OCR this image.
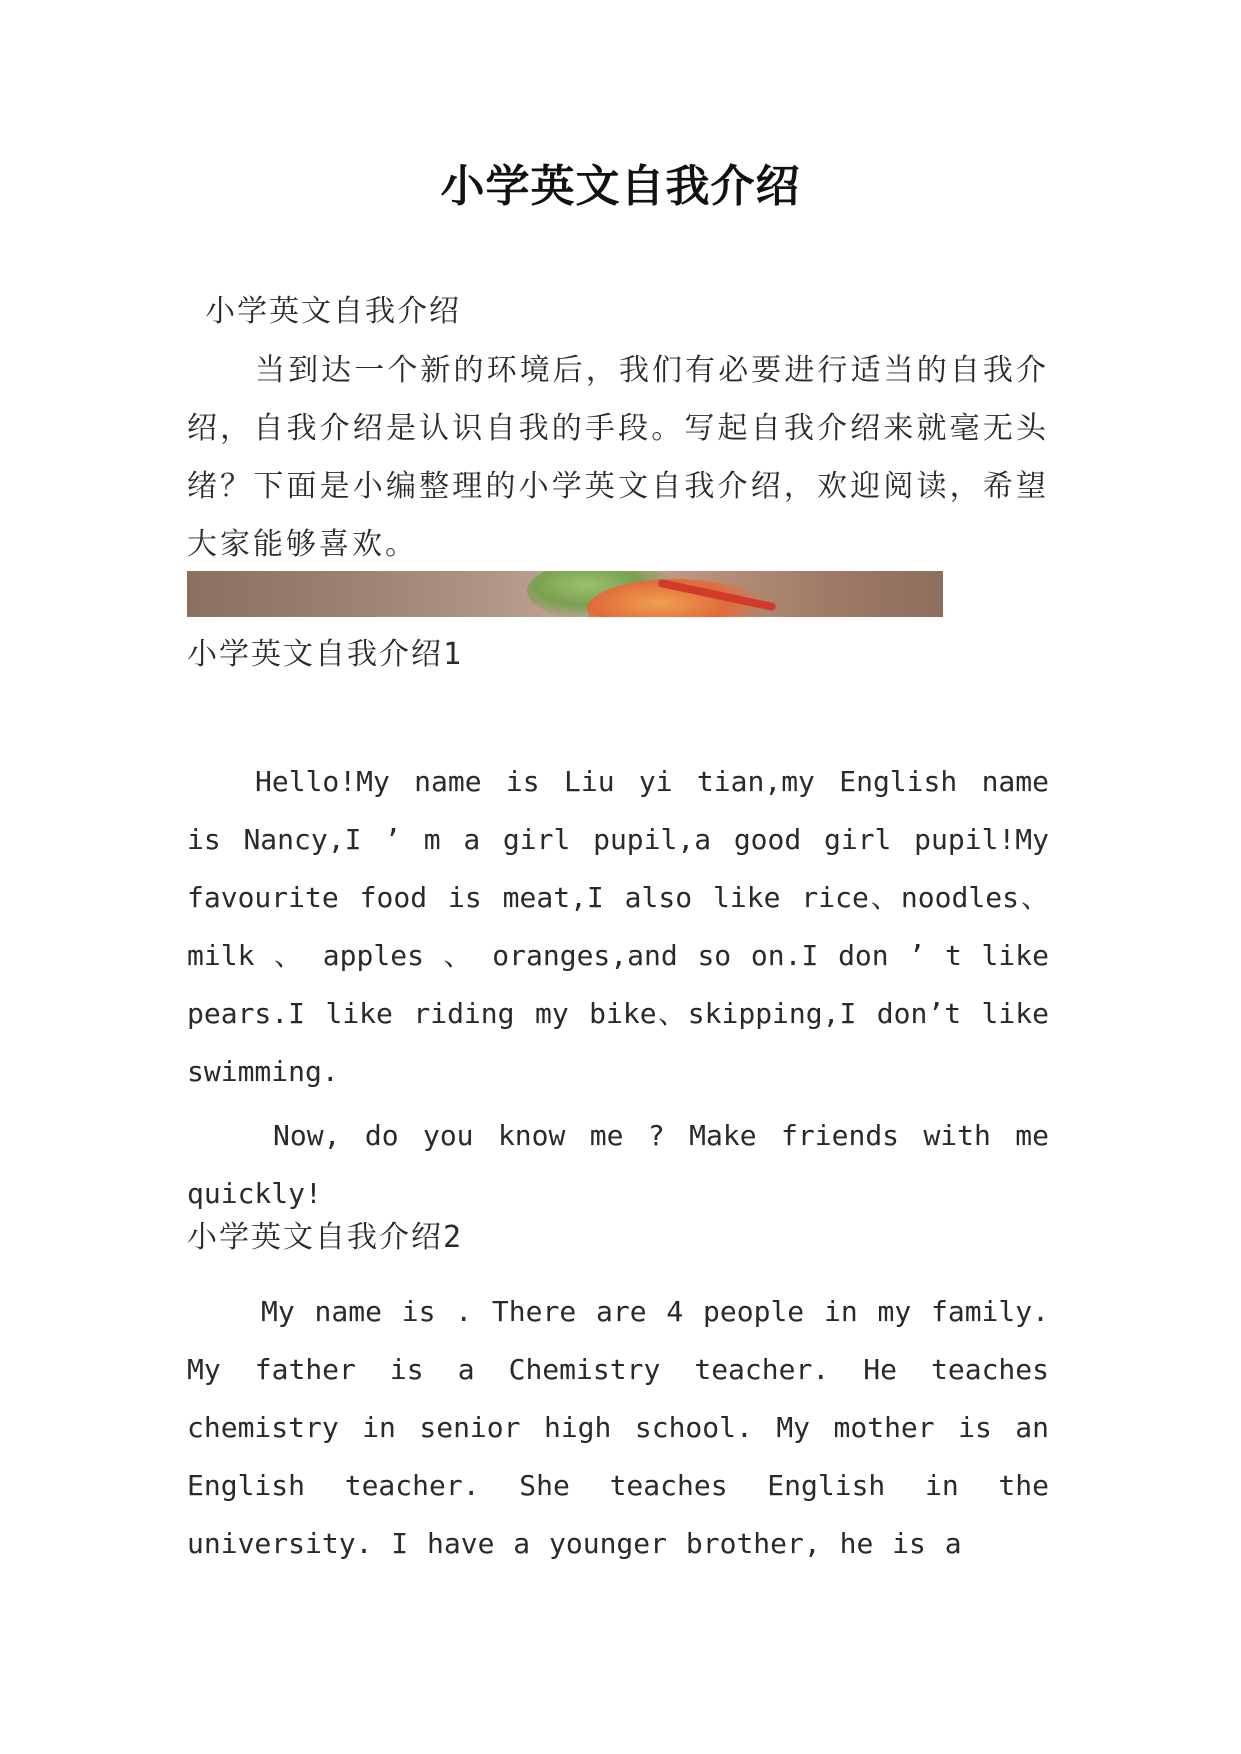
小学英文自我介绍
小学英文自我介绍
当到达一个新的环境后，我们有必要进行适当的自我介绍，自我介绍是认识自我的手段。写起自我介绍来就毫无头绪？下面是小编整理的小学英文自我介绍，欢迎阅读，希望大家能够喜欢。
小学英文自我介绍1
Hello!My name is Liu yi tian,my English name is Nancy,I ’ m a girl pupil,a good girl pupil!My favourite food is meat,I also like rice、noodles、milk 、 apples 、 oranges,and so on.I don ’ t like pears.I like riding my bike、skipping,I don’t like swimming.
Now, do you know me ? Make friends with me quickly!
小学英文自我介绍2
My name is . There are 4 people in my family. My father is a Chemistry teacher. He teaches chemistry in senior high school. My mother is an English teacher. She teaches English in the university. I have a younger brother, he is a
